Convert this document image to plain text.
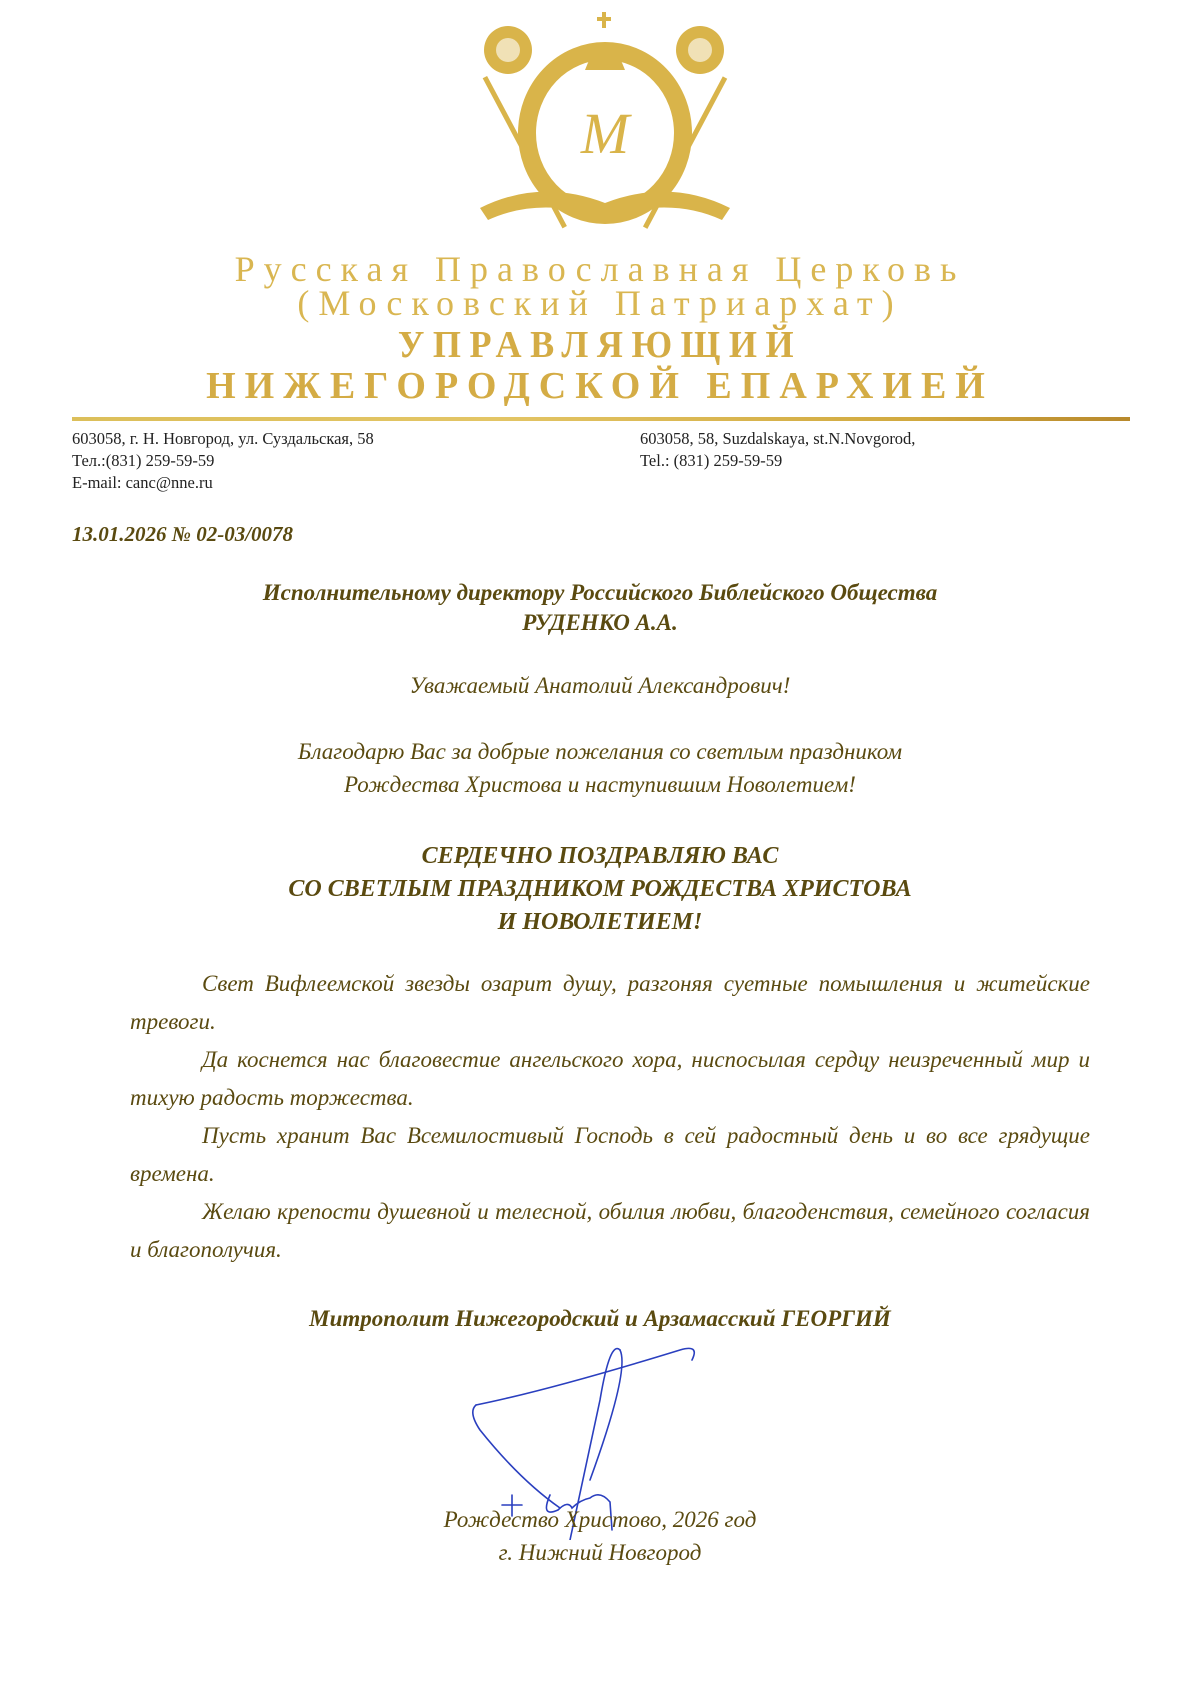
M
Русская Православная Церковь
(Московский Патриархат)
УПРАВЛЯЮЩИЙ
НИЖЕГОРОДСКОЙ ЕПАРХИЕЙ
603058, г. Н. Новгород, ул. Суздальская, 58
Тел.:(831) 259-59-59
E-mail: canc@nne.ru
603058, 58, Suzdalskaya, st.N.Novgorod,
Tel.: (831) 259-59-59
13.01.2026 № 02-03/0078
Исполнительному директору Российского Библейского Общества
РУДЕНКО А.А.
Уважаемый Анатолий Александрович!
Благодарю Вас за добрые пожелания со светлым праздником
Рождества Христова и наступившим Новолетием!
СЕРДЕЧНО ПОЗДРАВЛЯЮ ВАС
СО СВЕТЛЫМ ПРАЗДНИКОМ РОЖДЕСТВА ХРИСТОВА
И НОВОЛЕТИЕМ!

Свет Вифлеемской звезды озарит душу, разгоняя суетные помышления и житейские тревоги.

Да коснется нас благовестие ангельского хора, ниспосылая сердцу неизреченный мир и тихую радость торжества.

Пусть хранит Вас Всемилостивый Господь в сей радостный день и во все грядущие времена.

Желаю крепости душевной и телесной, обилия любви, благоденствия, семейного согласия и благополучия.

Митрополит Нижегородский и Арзамасский ГЕОРГИЙ
Рождество Христово, 2026 год
г. Нижний Новгород
